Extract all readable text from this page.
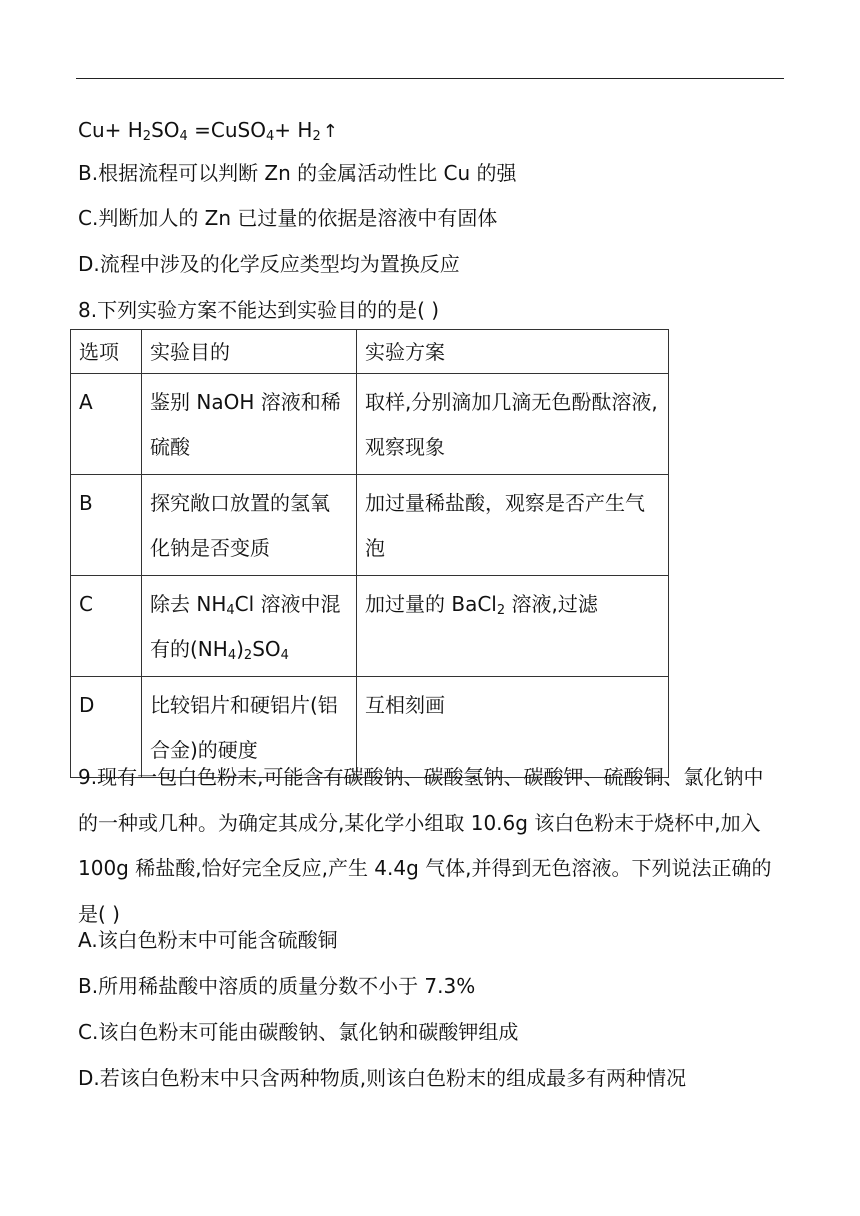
$Cu+ H_2SO_4$ =CuSO$_4$+ $H_2$ ↑
B.根据流程可以判断 Zn 的金属活动性比 Cu 的强
C.判断加人的 Zn 已过量的依据是溶液中有固体
D.流程中涉及的化学反应类型均为置换反应
8.下列实验方案不能达到实验目的的是( )
选项	实验目的	实验方案
A	鉴别 NaOH 溶液和稀硫酸	取样,分别滴加几滴无色酚酞溶液,观察现象
B	探究敞口放置的氢氧化钠是否变质	加过量稀盐酸，观察是否产生气泡
C	除去 $NH_4Cl$ 溶液中混有的$(NH_4)_2SO_4$	加过量的 BaCl$_2$ 溶液,过滤
D	比较铝片和硬铝片(铝合金)的硬度	互相刻画
9.现有一包白色粉末,可能含有碳酸钠、碳酸氢钠、碳酸钾、硫酸铜、氯化钠中的一种或几种。为确定其成分,某化学小组取 10.6g 该白色粉末于烧杯中,加入 100g 稀盐酸,恰好完全反应,产生 4.4g 气体,并得到无色溶液。下列说法正确的是( )
A.该白色粉末中可能含硫酸铜
B.所用稀盐酸中溶质的质量分数不小于 7.3%
C.该白色粉末可能由碳酸钠、氯化钠和碳酸钾组成
D.若该白色粉末中只含两种物质,则该白色粉末的组成最多有两种情况
